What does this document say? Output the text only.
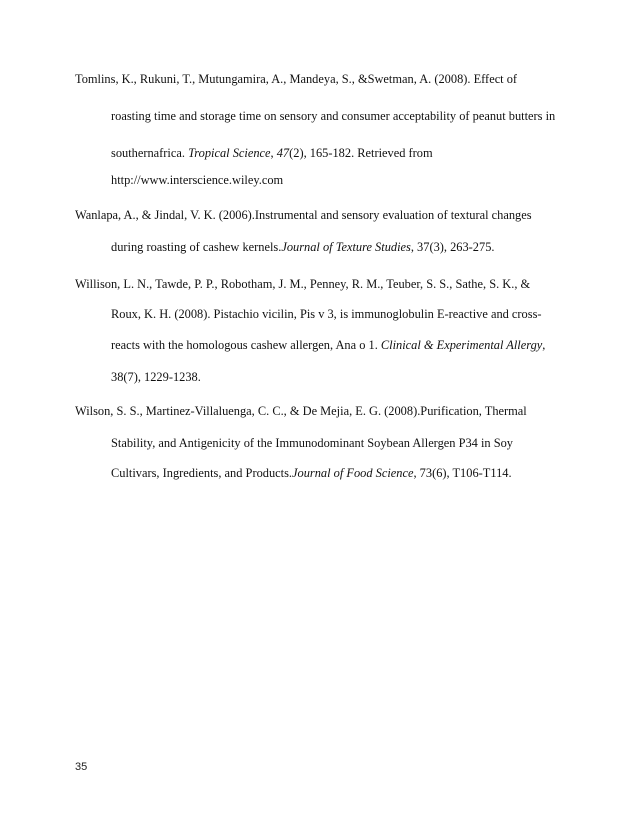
Tomlins, K., Rukuni, T., Mutungamira, A., Mandeya, S., &Swetman, A. (2008). Effect of
roasting time and storage time on sensory and consumer acceptability of peanut butters in
southernafrica. Tropical Science, 47(2), 165-182. Retrieved from
http://www.interscience.wiley.com
Wanlapa, A., & Jindal, V. K. (2006).Instrumental and sensory evaluation of textural changes
during roasting of cashew kernels.Journal of Texture Studies, 37(3), 263-275.
Willison, L. N., Tawde, P. P., Robotham, J. M., Penney, R. M., Teuber, S. S., Sathe, S. K., &
Roux, K. H. (2008). Pistachio vicilin, Pis v 3, is immunoglobulin E-reactive and cross-
reacts with the homologous cashew allergen, Ana o 1. Clinical & Experimental Allergy,
38(7), 1229-1238.
Wilson, S. S., Martinez-Villaluenga, C. C., & De Mejia, E. G. (2008).Purification, Thermal
Stability, and Antigenicity of the Immunodominant Soybean Allergen P34 in Soy
Cultivars, Ingredients, and Products.Journal of Food Science, 73(6), T106-T114.
35
